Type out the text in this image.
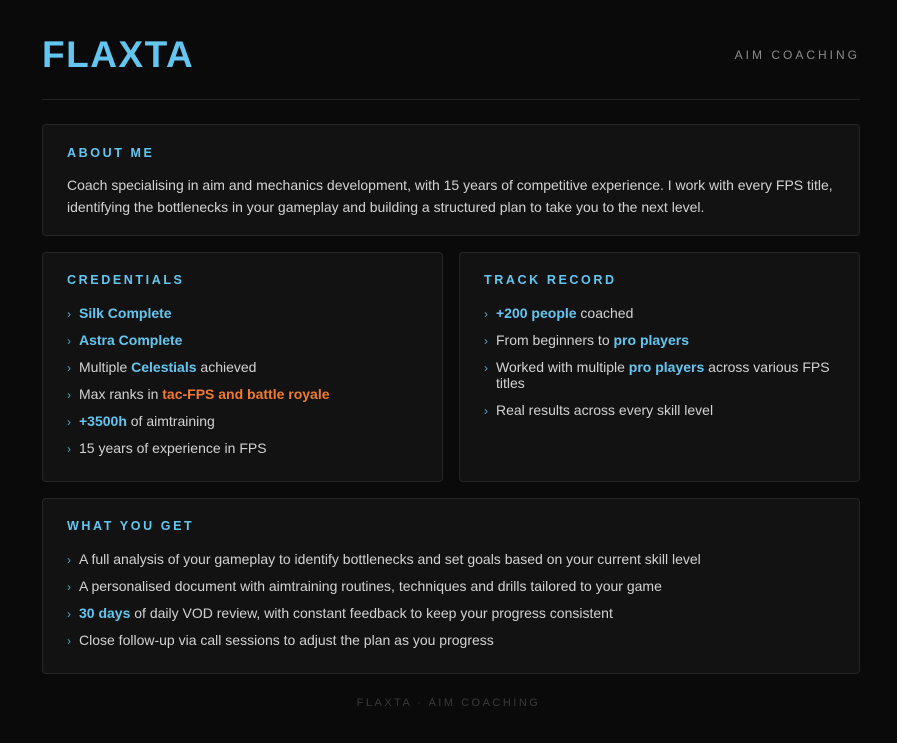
FLAXTA	AIM COACHING
ABOUT ME

Coach specialising in aim and mechanics development, with 15 years of competitive experience. I work with every FPS title, identifying the bottlenecks in your gameplay and building a structured plan to take you to the next level.

CREDENTIALS
› Silk Complete
› Astra Complete
› Multiple Celestials achieved
› Max ranks in tac-FPS and battle royale
› +3500h of aimtraining
› 15 years of experience in FPS
TRACK RECORD
› +200 people coached
› From beginners to pro players
› Worked with multiple pro players across various FPS titles
› Real results across every skill level
WHAT YOU GET
› A full analysis of your gameplay to identify bottlenecks and set goals based on your current skill level
› A personalised document with aimtraining routines, techniques and drills tailored to your game
› 30 days of daily VOD review, with constant feedback to keep your progress consistent
› Close follow-up via call sessions to adjust the plan as you progress
FLAXTA · AIM COACHING
